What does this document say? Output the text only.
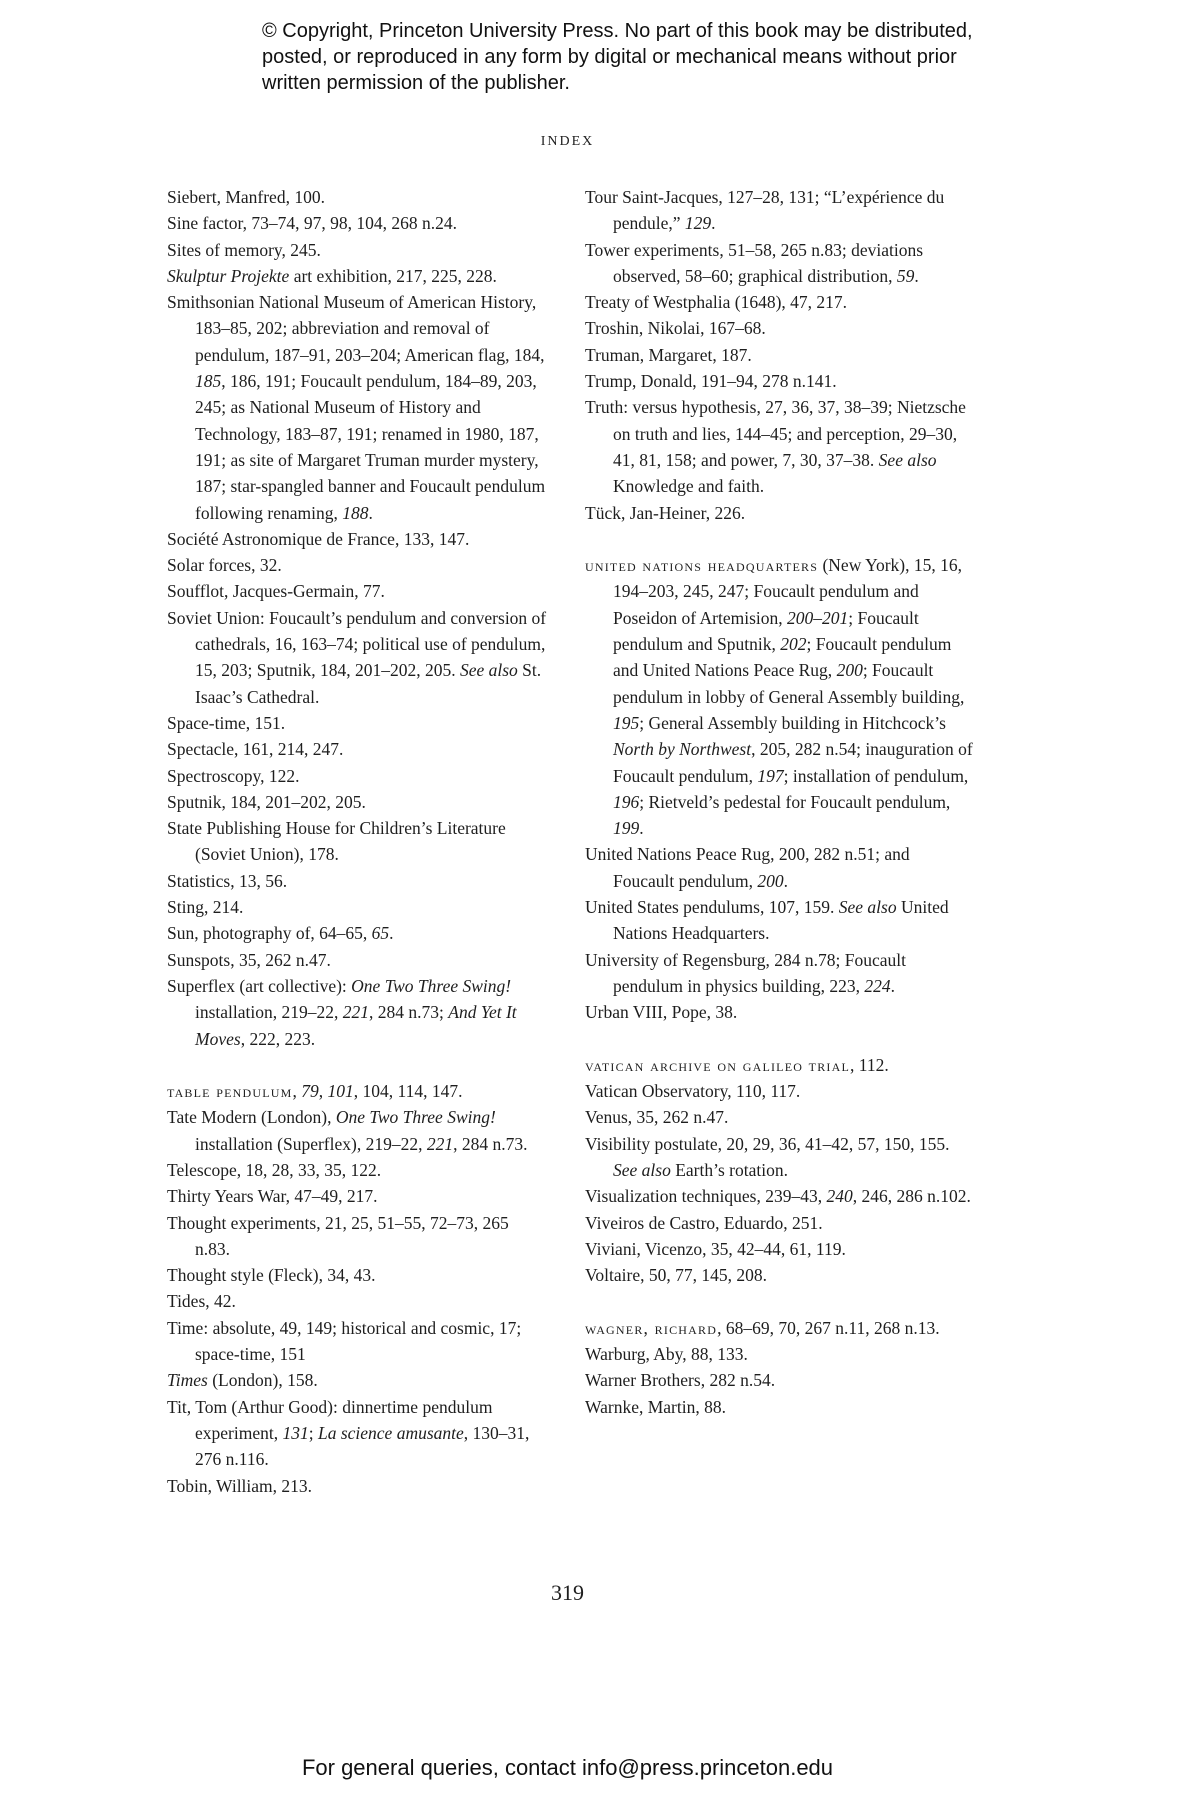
© Copyright, Princeton University Press. No part of this book may be distributed, posted, or reproduced in any form by digital or mechanical means without prior written permission of the publisher.
INDEX

Siebert, Manfred, 100.

Sine factor, 73–74, 97, 98, 104, 268 n.24.

Sites of memory, 245.

Skulptur Projekte art exhibition, 217, 225, 228.

Smithsonian National Museum of American History, 183–85, 202; abbreviation and removal of pendulum, 187–91, 203–204; American flag, 184, 185, 186, 191; Foucault pendulum, 184–89, 203, 245; as National Museum of History and Technology, 183–87, 191; renamed in 1980, 187, 191; as site of Margaret Truman murder mystery, 187; star-spangled banner and Foucault pendulum following renaming, 188.

Société Astronomique de France, 133, 147.

Solar forces, 32.

Soufflot, Jacques-Germain, 77.

Soviet Union: Foucault’s pendulum and conversion of cathedrals, 16, 163–74; political use of pendulum, 15, 203; Sputnik, 184, 201–202, 205. See also St. Isaac’s Cathedral.

Space-time, 151.

Spectacle, 161, 214, 247.

Spectroscopy, 122.

Sputnik, 184, 201–202, 205.

State Publishing House for Children’s Literature (Soviet Union), 178.

Statistics, 13, 56.

Sting, 214.

Sun, photography of, 64–65, 65.

Sunspots, 35, 262 n.47.

Superflex (art collective): One Two Three Swing! installation, 219–22, 221, 284 n.73; And Yet It Moves, 222, 223.

table pendulum, 79, 101, 104, 114, 147.

Tate Modern (London), One Two Three Swing! installation (Superflex), 219–22, 221, 284 n.73.

Telescope, 18, 28, 33, 35, 122.

Thirty Years War, 47–49, 217.

Thought experiments, 21, 25, 51–55, 72–73, 265 n.83.

Thought style (Fleck), 34, 43.

Tides, 42.

Time: absolute, 49, 149; historical and cosmic, 17; space-time, 151

Times (London), 158.

Tit, Tom (Arthur Good): dinnertime pendulum experiment, 131; La science amusante, 130–31, 276 n.116.

Tobin, William, 213.

Tour Saint-Jacques, 127–28, 131; “L’expérience du pendule,” 129.

Tower experiments, 51–58, 265 n.83; deviations observed, 58–60; graphical distribution, 59.

Treaty of Westphalia (1648), 47, 217.

Troshin, Nikolai, 167–68.

Truman, Margaret, 187.

Trump, Donald, 191–94, 278 n.141.

Truth: versus hypothesis, 27, 36, 37, 38–39; Nietzsche on truth and lies, 144–45; and perception, 29–30, 41, 81, 158; and power, 7, 30, 37–38. See also Knowledge and faith.

Tück, Jan-Heiner, 226.

united nations headquarters (New York), 15, 16, 194–203, 245, 247; Foucault pendulum and Poseidon of Artemision, 200–201; Foucault pendulum and Sputnik, 202; Foucault pendulum and United Nations Peace Rug, 200; Foucault pendulum in lobby of General Assembly building, 195; General Assembly building in Hitchcock’s North by Northwest, 205, 282 n.54; inauguration of Foucault pendulum, 197; installation of pendulum, 196; Rietveld’s pedestal for Foucault pendulum, 199.

United Nations Peace Rug, 200, 282 n.51; and Foucault pendulum, 200.

United States pendulums, 107, 159. See also United Nations Headquarters.

University of Regensburg, 284 n.78; Foucault pendulum in physics building, 223, 224.

Urban VIII, Pope, 38.

vatican archive on galileo trial, 112.

Vatican Observatory, 110, 117.

Venus, 35, 262 n.47.

Visibility postulate, 20, 29, 36, 41–42, 57, 150, 155. See also Earth’s rotation.

Visualization techniques, 239–43, 240, 246, 286 n.102.

Viveiros de Castro, Eduardo, 251.

Viviani, Vicenzo, 35, 42–44, 61, 119.

Voltaire, 50, 77, 145, 208.

wagner, richard, 68–69, 70, 267 n.11, 268 n.13.

Warburg, Aby, 88, 133.

Warner Brothers, 282 n.54.

Warnke, Martin, 88.

319
For general queries, contact info@press.princeton.edu
